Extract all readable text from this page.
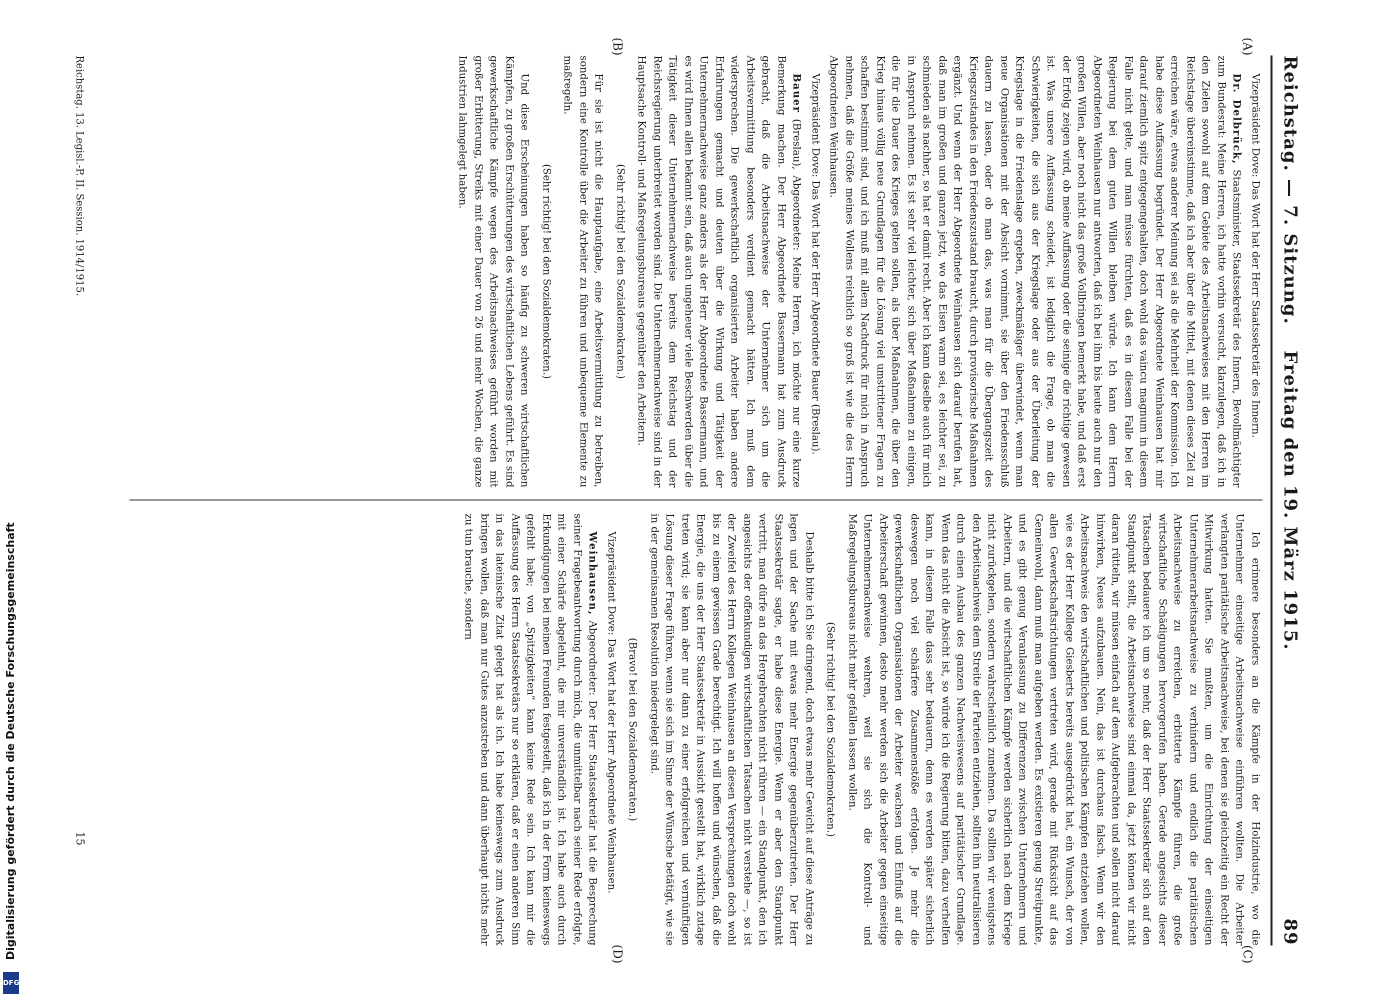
Reichstag. — 7. Sitzung.
Freitag den 19. März 1915.
89
(A)
(B)
(C)
(D)

Vizepräsident Dove: Das Wort hat der Herr Staatssekretär des Innern.

Dr. Delbrück, Staatsminister, Staatssekretär des Innern, Bevollmächtigter zum Bundesrat: Meine Herren, ich hatte vorhin versucht, klarzulegen, daß ich in den Zielen sowohl auf dem Gebiete des Arbeitsnachweises mit den Herren im Reichstage übereinstimme, daß ich aber über die Mittel, mit denen dieses Ziel zu erreichen wäre, etwas anderer Meinung sei als die Mehrheit der Kommission. Ich habe diese Auffassung begründet. Der Herr Abgeordnete Weinhausen hat mir darauf ziemlich spitz entgegengehalten, doch wohl das vaincu magnum in diesem Falle nicht gelte, und man müsse fürchten, daß es in diesem Falle bei der Regierung bei dem guten Willen bleiben würde. Ich kann dem Herrn Abgeordneten Weinhausen nur antworten, daß ich bei ihm bis heute auch nur den großen Willen, aber noch nicht das große Vollbringen bemerkt habe, und daß erst der Erfolg zeigen wird, ob meine Auffassung oder die seinige die richtige gewesen ist. Was unsere Auffassung scheidet, ist lediglich die Frage, ob man die Schwierigkeiten, die sich aus der Kriegslage oder aus der Überleitung der Kriegslage in die Friedenslage ergeben, zweckmäßiger überwindet, wenn man neue Organisationen mit der Absicht vornimmt, sie über den Friedensschluß dauern zu lassen, oder ob man das, was man für die Übergangszeit des Kriegszustandes in den Friedenszustand braucht, durch provisorische Maßnahmen ergänzt. Und wenn der Herr Abgeordnete Weinhausen sich darauf berufen hat, daß man im großen und ganzen jetzt, wo das Eisen warm sei, es leichter sei, zu schmieden als nachher, so hat er damit recht. Aber ich kann daselbe auch für mich in Anspruch nehmen. Es ist sehr viel leichter, sich über Maßnahmen zu einigen, die für die Dauer des Krieges gelten sollen, als über Maßnahmen, die über den Krieg hinaus völlig neue Grundlagen für die Lösung viel umstrittener Fragen zu schaffen bestimmt sind, und ich muß mit allem Nachdruck für mich in Anspruch nehmen, daß die Größe meines Wollens reichlich so groß ist wie die des Herrn Abgeordneten Weinhausen.

Vizepräsident Dove: Das Wort hat der Herr Abgeordnete Bauer (Breslau).

Bauer (Breslau), Abgeordneter: Meine Herren, ich möchte nur eine kurze Bemerkung machen. Der Herr Abgeordnete Bassermann hat zum Ausdruck gebracht, daß die Arbeitsnachweise der Unternehmer sich um die Arbeitsvermittlung besonders verdient gemacht hätten. Ich muß dem widersprechen. Die gewerkschaftlich organisierten Arbeiter haben andere Erfahrungen gemacht und deuten über die Wirkung und Tätigkeit der Unternehmernachweise ganz anders als der Herr Abgeordnete Bassermann, und es wird Ihnen allen bekannt sein, daß auch ungeheuer viele Beschwerden über die Tätigkeit dieser Unternehmernachweise bereits dem Reichstag und der Reichsregierung unterbreitet worden sind. Die Unternehmernachweise sind in der Hauptsache Kontroll- und Maßregelungsbureaus gegenüber den Arbeitern.

(Sehr richtig! bei den Sozialdemokraten.)

Für sie ist nicht die Hauptaufgabe, eine Arbeitsvermittlung zu betreiben, sondern eine Kontrolle über die Arbeiter zu führen und unbequeme Elemente zu maßregeln.

(Sehr richtig! bei den Sozialdemokraten.)

Und diese Erscheinungen haben so häufig zu schweren wirtschaftlichen Kämpfen, zu großen Erschütterungen des wirtschaftlichen Lebens geführt. Es sind gewerkschaftliche Kämpfe wegen des Arbeitsnachweises geführt worden mit großer Erbitterung, Streiks mit einer Dauer von 26 und mehr Wochen, die ganze Industrien lahmgelegt haben.

Ich erinnere besonders an die Kämpfe in der Holzindustrie, wo die Unternehmer einseitige Arbeitsnachweise einführen wollten. Die Arbeiter verlangten paritätische Arbeitsnachweise, bei denen sie gleichzeitig ein Recht der Mitwirkung hatten. Sie mußten, um die Einrichtung der einseitigen Unternehmerarbeitsnachweise zu verhindern und endlich die paritätischen Arbeitsnachweise zu erreichen, erbitterte Kämpfe führen, die große wirtschaftliche Schädigungen hervorgerufen haben. Gerade angesichts dieser Tatsachen bedauere ich um so mehr, daß der Herr Staatssekretär sich auf den Standpunkt stellt, die Arbeitsnachweise sind einmal da, jetzt können wir nicht daran rütteln, wir müssen einfach auf dem Aufgebrachten und sollen nicht darauf hinwirken, Neues aufzubauen. Nein, das ist durchaus falsch. Wenn wir den Arbeitsnachweis den wirtschaftlichen und politischen Kämpfen entziehen wollen, wie es der Herr Kollege Giesberts bereits ausgedrückt hat, ein Wunsch, der von allen Gewerkschaftsrichtungen vertreten wird, gerade mit Rücksicht auf das Gemeinwohl, dann muß man aufgeben werden. Es existieren genug Streitpunkte, und es gibt genug Veranlassung zu Differenzen zwischen Unternehmern und Arbeitern, und die wirtschaftlichen Kämpfe werden sicherlich nach dem Kriege nicht zurückgehen, sondern wahrscheinlich zunehmen. Da sollten wir wenigstens den Arbeitsnachweis dem Streite der Parteien entziehen, sollten ihn neutralisieren durch einen Ausbau des ganzen Nachweiswesens auf paritätischer Grundlage. Wenn das nicht die Absicht ist, so würde ich die Regierung bitten, dazu verhelfen kann, in diesem Falle dass sehr bedauern, denn es werden später sicherlich deswegen noch viel schärfere Zusammenstöße erfolgen. Je mehr die gewerkschaftlichen Organisationen der Arbeiter wachsen und Einfluß auf die Arbeiterschaft gewinnen, desto mehr werden sich die Arbeiter gegen einseitige Unternehmernachweise wehren, weil sie sich die Kontroll- und Maßregelungsbureaus nicht mehr gefallen lassen wollen.

(Sehr richtig! bei den Sozialdemokraten.)

Deshalb bitte ich Sie dringend, doch etwas mehr Gewicht auf diese Anträge zu legen und der Sache mit etwas mehr Energie gegenüberzutreten. Der Herr Staatssekretär sagte, er habe diese Energie. Wenn er aber den Standpunkt vertritt, man dürfe an das Hergebrachten nicht rühren — ein Standpunkt, den ich angesichts der offenkundigen wirtschaftlichen Tatsachen nicht verstehe —, so ist der Zweifel des Herrn Kollegen Weinhausen an diesen Versprechungen doch wohl bis zu einem gewissen Grade berechtigt. Ich will hoffen und wünschen, daß die Energie, die uns der Herr Staatssekretär in Aussicht gestellt hat, wirklich zutage treten wird; sie kann aber nur dann zu einer erfolgreichen und vernünftigen Lösung dieser Frage führen, wenn sie sich im Sinne der Wünsche betätigt, wie sie in der gemeinsamen Resolution niedergelegt sind.

(Bravo! bei den Sozialdemokraten.)

Vizepräsident Dove: Das Wort hat der Herr Abgeordnete Weinhausen.

Weinhausen, Abgeordneter: Der Herr Staatssekretär hat die Besprechung seiner Fragebeantwortung durch mich, die unmittelbar nach seiner Rede erfolgte, mit einer Schärfe abgelehnt, die mir unverständlich ist. Ich habe auch durch Erkundigungen bei meinen Freunden festgestellt, daß ich in der Form keineswegs gefehlt habe; von „Spitzigkeiten“ kann keine Rede sein. Ich kann mir die Auffassung des Herrn Staatssekretärs nur so erklären, daß er einen anderen Sinn in das lateinische Zitat gelegt hat als ich. Ich habe keineswegs zum Ausdruck bringen wollen, daß man nur Gutes anzustreben und dann überhaupt nichts mehr zu tun brauche, sondern

Reichstag. 13. Legisl.-P. II. Session. 1914/1915.
15
Digitalisierung gefördert durch die Deutsche Forschungsgemeinschaft
DFG
